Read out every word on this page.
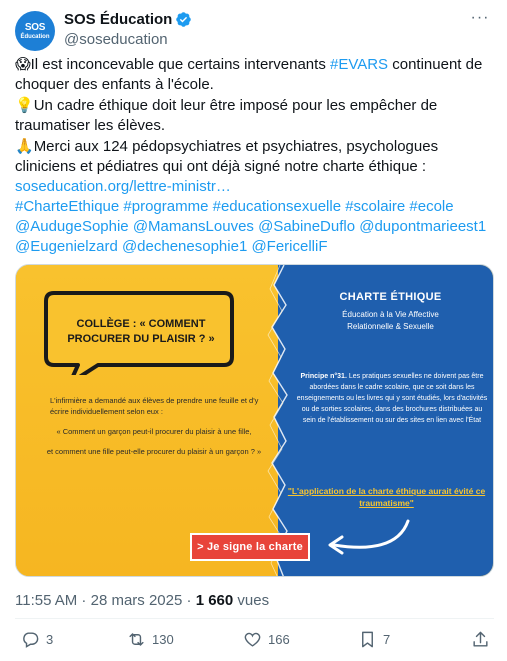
SOS
Éducation
SOS Éducation
@soseducation
···

😱Il est inconcevable que certains intervenants #EVARS continuent de choquer des enfants à l'école.

💡Un cadre éthique doit leur être imposé pour les empêcher de traumatiser les élèves.

🙏Merci aux 124 pédopsychiatres et psychiatres, psychologues cliniciens et pédiatres qui ont déjà signé notre charte éthique :

soseducation.org/lettre-ministr…

#CharteEthique #programme #educationsexuelle #scolaire #ecole

@AudugeSophie @MamansLouves @SabineDuflo @dupontmarieest1

@Eugenielzard @dechenesophie1 @FericelliF

COLLÈGE : « COMMENT PROCURER DU PLAISIR ? »

L'infirmière a demandé aux élèves de prendre une feuille et d'y écrire individuellement selon eux :

« Comment un garçon peut-il procurer du plaisir à une fille,

et comment une fille peut-elle procurer du plaisir à un garçon ? »

CHARTE ÉTHIQUE
Éducation à la Vie Affective
Relationnelle & Sexuelle
Principe n°31. Les pratiques sexuelles ne doivent pas être abordées dans le cadre scolaire, que ce soit dans les enseignements ou les livres qui y sont étudiés, lors d'activités ou de sorties scolaires, dans des brochures distribuées au sein de l'établissement ou sur des sites en lien avec l'État
"L'application de la charte éthique aurait évité ce traumatisme"
> Je signe la charte
11:55 AM · 28 mars 2025 · 1 660 vues
3	130	166	7
